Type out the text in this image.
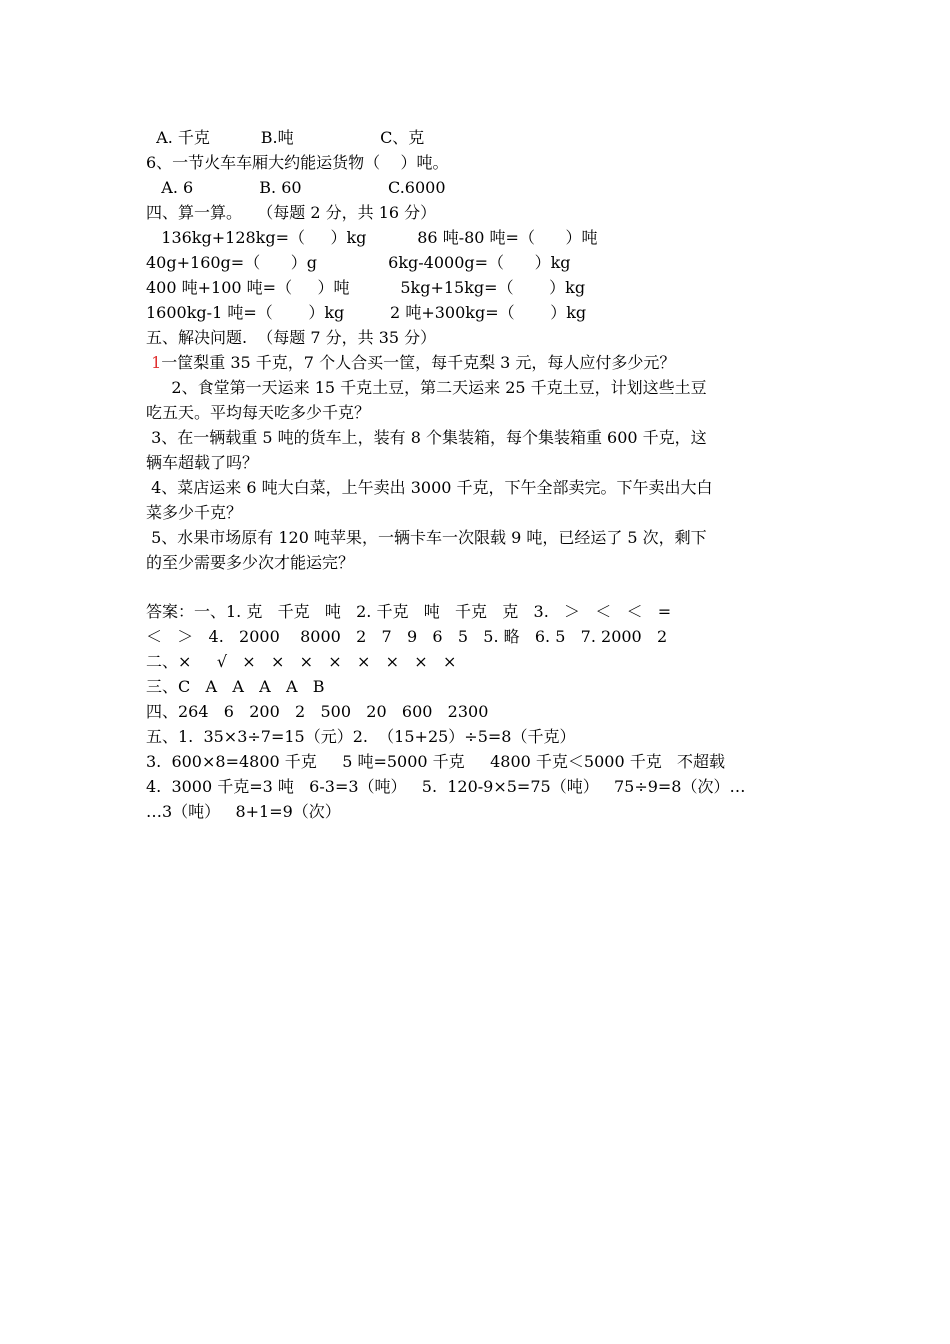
A. 千克          B.吨                 C、克
6、一节火车车厢大约能运货物（    ）吨。
A. 6             B. 60                 C.6000
四、算一算。   （每题 2 分，共 16 分）
136kg+128kg=（     ）kg          86 吨-80 吨=（      ）吨
40g+160g=（      ）g              6kg-4000g=（      ）kg
400 吨+100 吨=（     ）吨          5kg+15kg=（       ）kg
1600kg-1 吨=（       ）kg         2 吨+300kg=（       ）kg
五、解决问题.  （每题 7 分，共 35 分）
1一筐梨重 35 千克，7 个人合买一筐，每千克梨 3 元，每人应付多少元？
2、食堂第一天运来 15 千克土豆，第二天运来 25 千克土豆，计划这些土豆
吃五天。平均每天吃多少千克？
3、在一辆载重 5 吨的货车上，装有 8 个集装箱，每个集装箱重 600 千克，这
辆车超载了吗？
4、菜店运来 6 吨大白菜，上午卖出 3000 千克，下午全部卖完。下午卖出大白
菜多少千克？
5、水果市场原有 120 吨苹果，一辆卡车一次限载 9 吨，已经运了 5 次，剩下
的至少需要多少次才能运完？
答案：一、1. 克   千克   吨   2. 千克   吨   千克   克   3.   ＞   ＜   ＜   =
＜   ＞   4.   2000    8000   2   7   9   6   5   5. 略   6. 5   7. 2000   2
二、×     √   ×   ×   ×   ×   ×   ×   ×   ×
三、C   A   A   A   A   B
四、264   6   200   2   500   20   600   2300
五、1.  35×3÷7=15（元）2.  （15+25）÷5=8（千克）
3.  600×8=4800 千克     5 吨=5000 千克     4800 千克＜5000 千克   不超载
4.  3000 千克=3 吨   6-3=3（吨）   5.  120-9×5=75（吨）   75÷9=8（次）…
…3（吨）   8+1=9（次）
